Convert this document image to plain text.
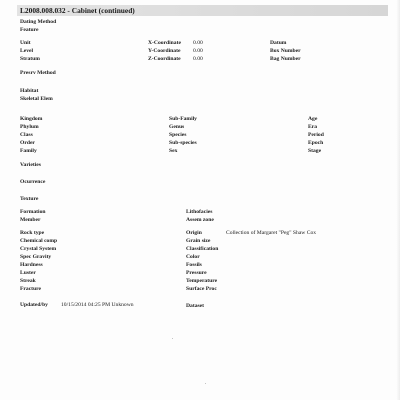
L2008.008.032 - Cabinet (continued)
Dating Method
Feature
Unit
Level
Stratum
X-Coordinate 0.00
Y-Coordinate 0.00
Z-Coordinate 0.00
Datum
Box Number
Bag Number
Presrv Method
Habitat
Skeletal Elem
Kingdom
Phylum
Class
Order
Family
Sub-Family
Genus
Species
Sub-species
Sex
Age
Era
Period
Epoch
Stage
Varieties
Ocurrence
Texture
Formation
Member
Lithofacies
Assem zone
Rock type
Chemical comp
Crystal System
Spec Gravity
Hardness
Luster
Streak
Fracture
Origin	Collection of Margaret "Peg" Shaw Cox
Grain size
Classification
Color
Fossils
Pressure
Temperature
Surface Proc
Updated/by 10/15/2014 04:25 PM Unknown	Dataset
